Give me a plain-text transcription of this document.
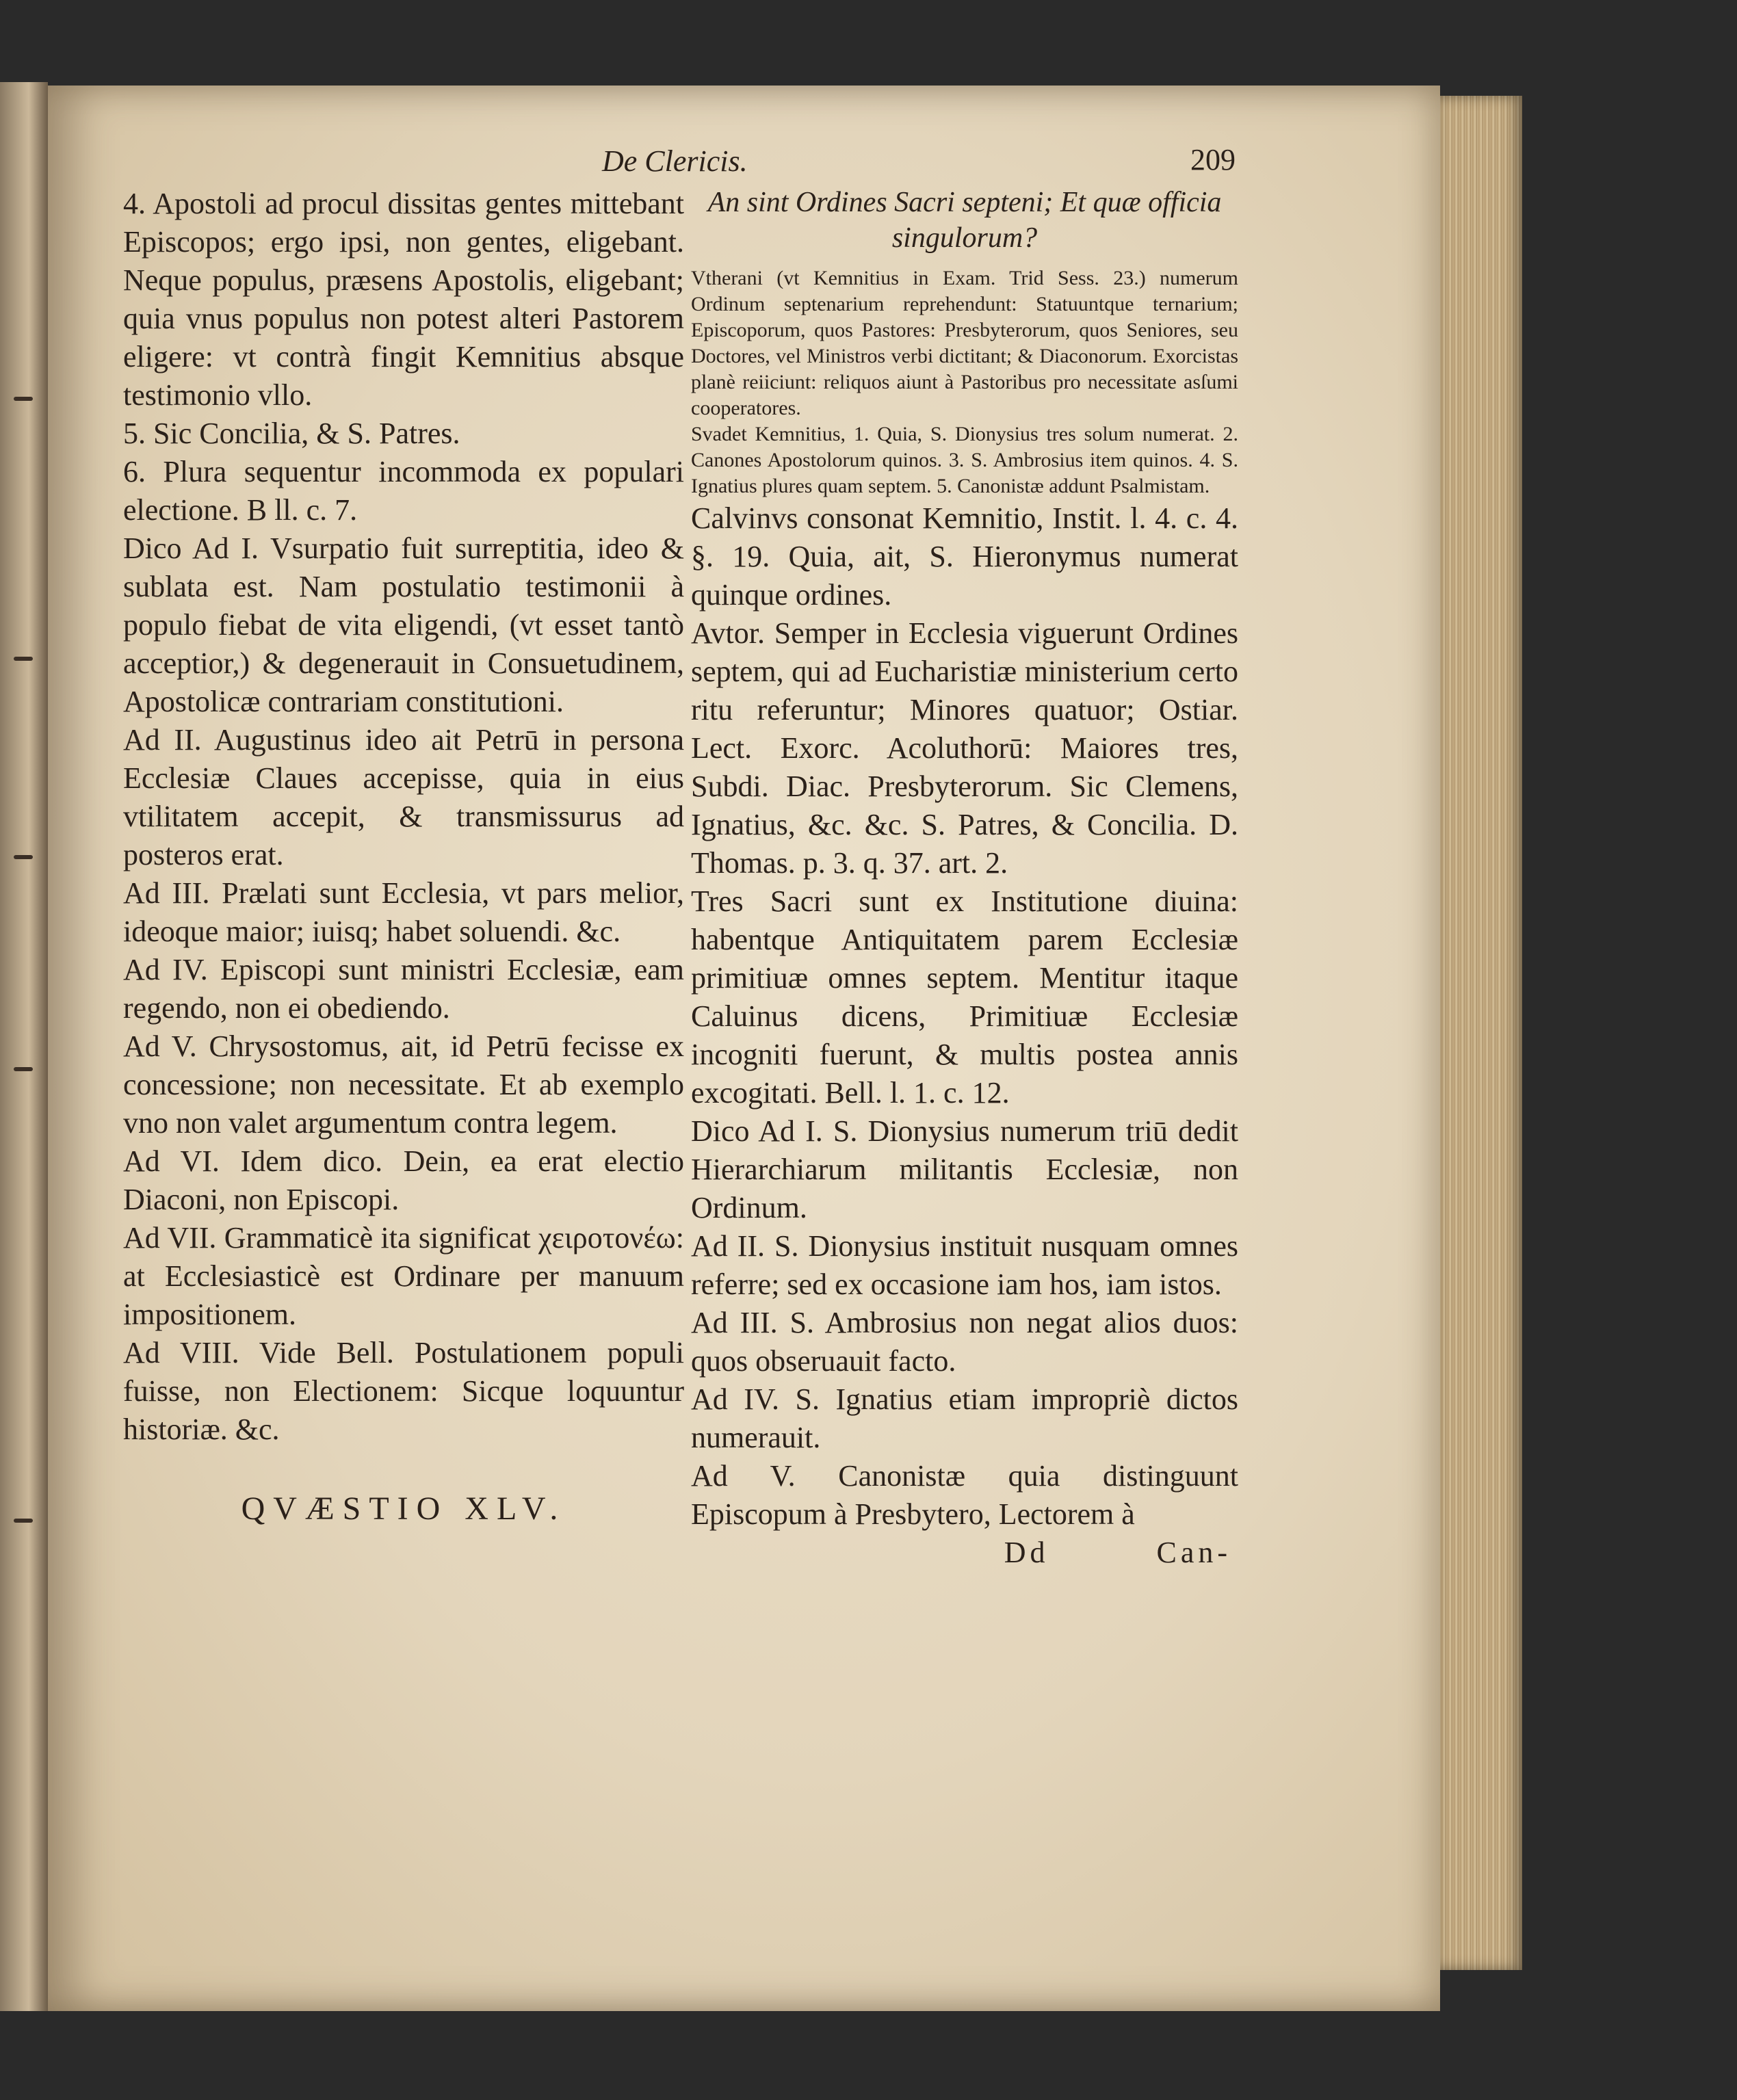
De Clericis.	209

4. Apostoli ad procul dissitas gentes mittebant Episcopos; ergo ipsi, non gentes, eligebant. Neque populus, præsens Apostolis, eligebant; quia vnus populus non potest alteri Pastorem eligere: vt contrà fingit Kemnitius absque testimonio vllo.

5. Sic Concilia, & S. Patres.

6. Plura sequentur incommoda ex populari electione. B ll. c. 7.

Dico Ad I. Vsurpatio fuit surreptitia, ideo & sublata est. Nam postulatio testimonii à populo fiebat de vita eligendi, (vt esset tantò acceptior,) & degenerauit in Consuetudinem, Apostolicæ contrariam constitutioni.

Ad II. Augustinus ideo ait Petrū in persona Ecclesiæ Claues accepisse, quia in eius vtilitatem accepit, & transmissurus ad posteros erat.

Ad III. Prælati sunt Ecclesia, vt pars melior, ideoque maior; iuisq; habet soluendi. &c.

Ad IV. Episcopi sunt ministri Ecclesiæ, eam regendo, non ei obediendo.

Ad V. Chrysostomus, ait, id Petrū fecisse ex concessione; non necessitate. Et ab exemplo vno non valet argumentum contra legem.

Ad VI. Idem dico. Dein, ea erat electio Diaconi, non Episcopi.

Ad VII. Grammaticè ita significat χειροτονέω: at Ecclesiasticè est Ordinare per manuum impositionem.

Ad VIII. Vide Bell. Postulationem populi fuisse, non Electionem: Sicque loquuntur historiæ. &c.

QVÆSTIO XLV.
An sint Ordines Sacri septeni; Et quæ officia singulorum?

Vtherani (vt Kemnitius in Exam. Trid Sess. 23.) numerum Ordinum septenarium reprehendunt: Statuuntque ternarium; Episcoporum, quos Pastores: Presbyterorum, quos Seniores, seu Doctores, vel Ministros verbi dictitant; & Diaconorum. Exorcistas planè reiiciunt: reliquos aiunt à Pastoribus pro necessitate asſumi cooperatores.

Svadet Kemnitius, 1. Quia, S. Dionysius tres solum numerat. 2. Canones Apostolorum quinos. 3. S. Ambrosius item quinos. 4. S. Ignatius plures quam septem. 5. Canonistæ addunt Psalmistam.

Calvinvs consonat Kemnitio, Instit. l. 4. c. 4. §. 19. Quia, ait, S. Hieronymus numerat quinque ordines.

Avtor. Semper in Ecclesia viguerunt Ordines septem, qui ad Eucharistiæ ministerium certo ritu referuntur; Minores quatuor; Ostiar. Lect. Exorc. Acoluthorū: Maiores tres, Subdi. Diac. Presbyterorum. Sic Clemens, Ignatius, &c. &c. S. Patres, & Concilia. D. Thomas. p. 3. q. 37. art. 2.

Tres Sacri sunt ex Institutione diuina: habentque Antiquitatem parem Ecclesiæ primitiuæ omnes septem. Mentitur itaque Caluinus dicens, Primitiuæ Ecclesiæ incogniti fuerunt, & multis postea annis excogitati. Bell. l. 1. c. 12.

Dico Ad I. S. Dionysius numerum triū dedit Hierarchiarum militantis Ecclesiæ, non Ordinum.

Ad II. S. Dionysius instituit nusquam omnes referre; sed ex occasione iam hos, iam istos.

Ad III. S. Ambrosius non negat alios duos: quos obseruauit facto.

Ad IV. S. Ignatius etiam impropriè dictos numerauit.

Ad V. Canonistæ quia distinguunt Episcopum à Presbytero, Lectorem à

Dd	Can-
